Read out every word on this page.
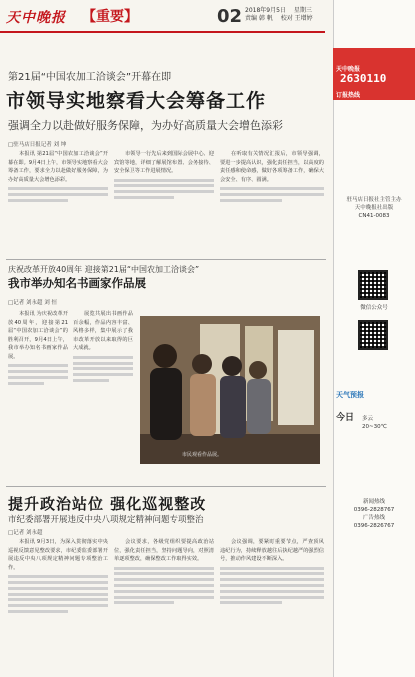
天中晚报 【重要】	02 2018年9月5日 星期三
责编 韩 帆 校对 王增婷
第21届“中国农加工洽谈会”开幕在即
市领导实地察看大会筹备工作
强调全力以赴做好服务保障，为办好高质量大会增色添彩
□驻马店日报记者 刘 坤

本报讯 第21届“中国农加工洽谈会”开幕在即。9月4日上午，市领导实地察看大会筹备工作，要求全力以赴做好服务保障，为办好高质量大会增色添彩。

市领导一行先后来到国际会展中心、迎宾馆等地，详细了解展馆布置、会务接待、安全保卫等工作进展情况。

在听取有关情况汇报后，市领导强调，要进一步提高认识，强化责任担当，以高度的责任感和使命感，做好各项筹备工作，确保大会安全、有序、圆满。

庆祝改革开放40周年 迎接第21届“中国农加工洽谈会”
我市举办知名书画家作品展
□记者 刘永超 刘 恒

本报讯 为庆祝改革开放40周年，迎接第21届“中国农加工洽谈会”的胜利召开，9月4日上午，我市举办知名书画家作品展。

展览共展出书画作品百余幅，作品内容丰富、风格多样，集中展示了我市改革开放以来取得的巨大成就。

市民观看作品展。
提升政治站位 强化巡视整改
市纪委部署开展违反中央八项规定精神问题专项整治
□记者 刘永超

本报讯 9月3日，为深入贯彻落实中央巡视反馈意见整改要求，市纪委监委部署开展违反中央八项规定精神问题专项整治工作。

会议要求，各级党组织要提高政治站位，强化责任担当，坚持问题导向，对照清单逐项整改，确保整改工作取得实效。

会议强调，要紧盯重要节点，严查顶风违纪行为，持续释放越往后执纪越严的强烈信号，推动作风建设不断深入。

天中晚报
订报热线
2630110
驻马店日报社主管主办
天中晚报社出版
CN41-0083
微信公众号
天气预报
今日 多云
20~30℃
新闻热线
0396-2828767
广告热线
0396-2826767
